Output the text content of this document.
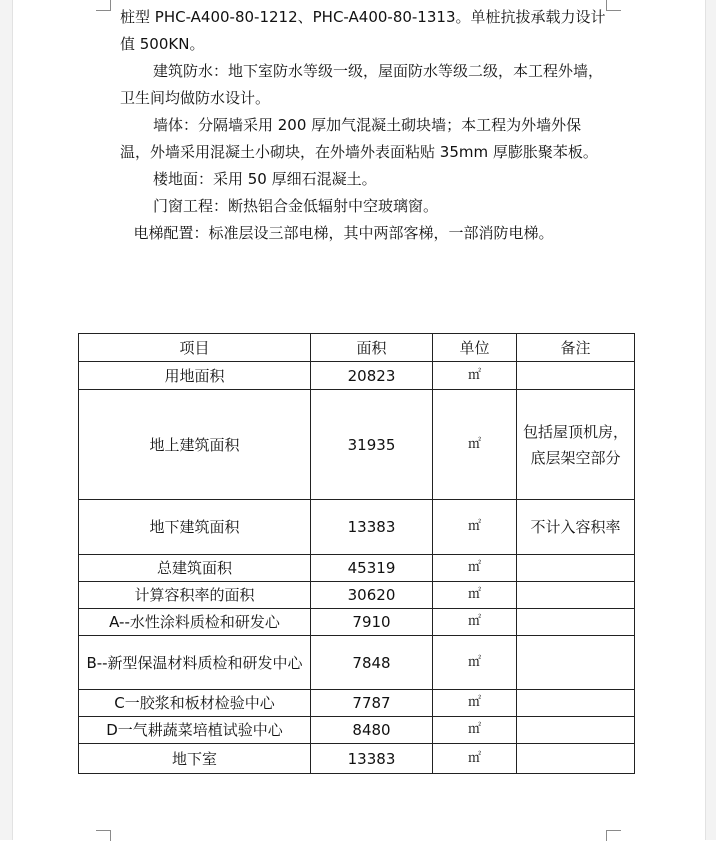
桩型 PHC-A400-80-1212、PHC-A400-80-1313。单桩抗拔承载力设计值 500KN。

建筑防水：地下室防水等级一级，屋面防水等级二级，本工程外墙，卫生间均做防水设计。

墙体：分隔墙采用 200 厚加气混凝土砌块墙；本工程为外墙外保温，外墙采用混凝土小砌块，在外墙外表面粘贴 35mm 厚膨胀聚苯板。

楼地面：采用 50 厚细石混凝土。

门窗工程：断热铝合金低辐射中空玻璃窗。

电梯配置：标准层设三部电梯，其中两部客梯，一部消防电梯。

项目	面积	单位	备注
用地面积	20823	㎡	
地上建筑面积	31935	㎡	包括屋顶机房，底层架空部分
地下建筑面积	13383	㎡	不计入容积率
总建筑面积	45319	㎡	
计算容积率的面积	30620	㎡	
A--水性涂料质检和研发心	7910	㎡	
B--新型保温材料质检和研发中心	7848	㎡	
C一胶浆和板材检验中心	7787	㎡	
D一气耕蔬菜培植试验中心	8480	㎡	
地下室	13383	㎡	
